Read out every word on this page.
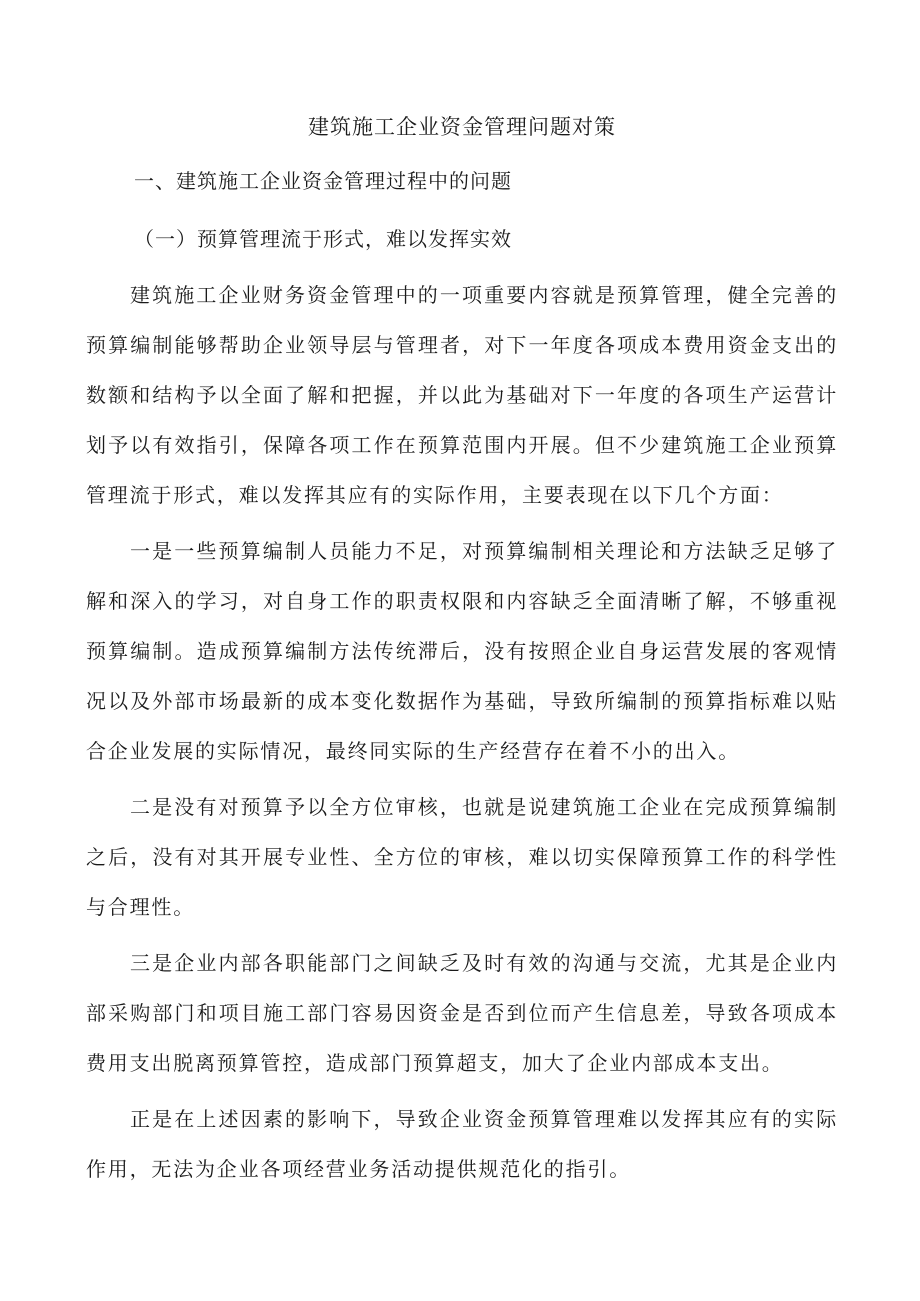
建筑施工企业资金管理问题对策
一、建筑施工企业资金管理过程中的问题
（一）预算管理流于形式，难以发挥实效

建筑施工企业财务资金管理中的一项重要内容就是预算管理，健全完善的预算编制能够帮助企业领导层与管理者，对下一年度各项成本费用资金支出的数额和结构予以全面了解和把握，并以此为基础对下一年度的各项生产运营计划予以有效指引，保障各项工作在预算范围内开展。但不少建筑施工企业预算管理流于形式，难以发挥其应有的实际作用，主要表现在以下几个方面：

一是一些预算编制人员能力不足，对预算编制相关理论和方法缺乏足够了解和深入的学习，对自身工作的职责权限和内容缺乏全面清晰了解，不够重视预算编制。造成预算编制方法传统滞后，没有按照企业自身运营发展的客观情况以及外部市场最新的成本变化数据作为基础，导致所编制的预算指标难以贴合企业发展的实际情况，最终同实际的生产经营存在着不小的出入。

二是没有对预算予以全方位审核，也就是说建筑施工企业在完成预算编制之后，没有对其开展专业性、全方位的审核，难以切实保障预算工作的科学性与合理性。

三是企业内部各职能部门之间缺乏及时有效的沟通与交流，尤其是企业内部采购部门和项目施工部门容易因资金是否到位而产生信息差，导致各项成本费用支出脱离预算管控，造成部门预算超支，加大了企业内部成本支出。

正是在上述因素的影响下，导致企业资金预算管理难以发挥其应有的实际作用，无法为企业各项经营业务活动提供规范化的指引。
